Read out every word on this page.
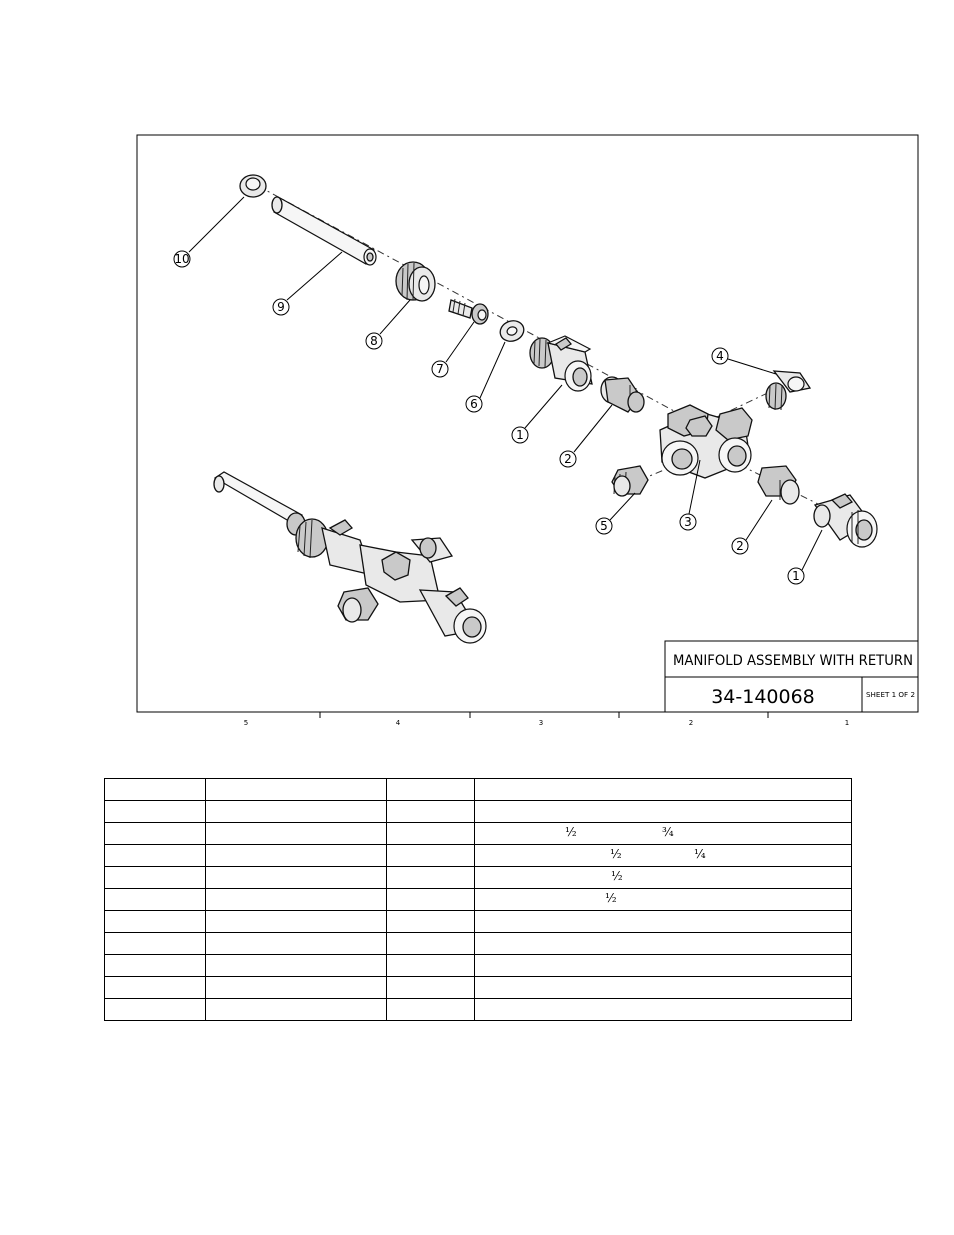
5	4	3	2	1
10
9
8
7
6
1
2
4
3
5
2
1
MANIFOLD ASSEMBLY WITH RETURN
34-140068	SHEET 1 OF 2

			½ ¾

			½ ¼

			½

			½
